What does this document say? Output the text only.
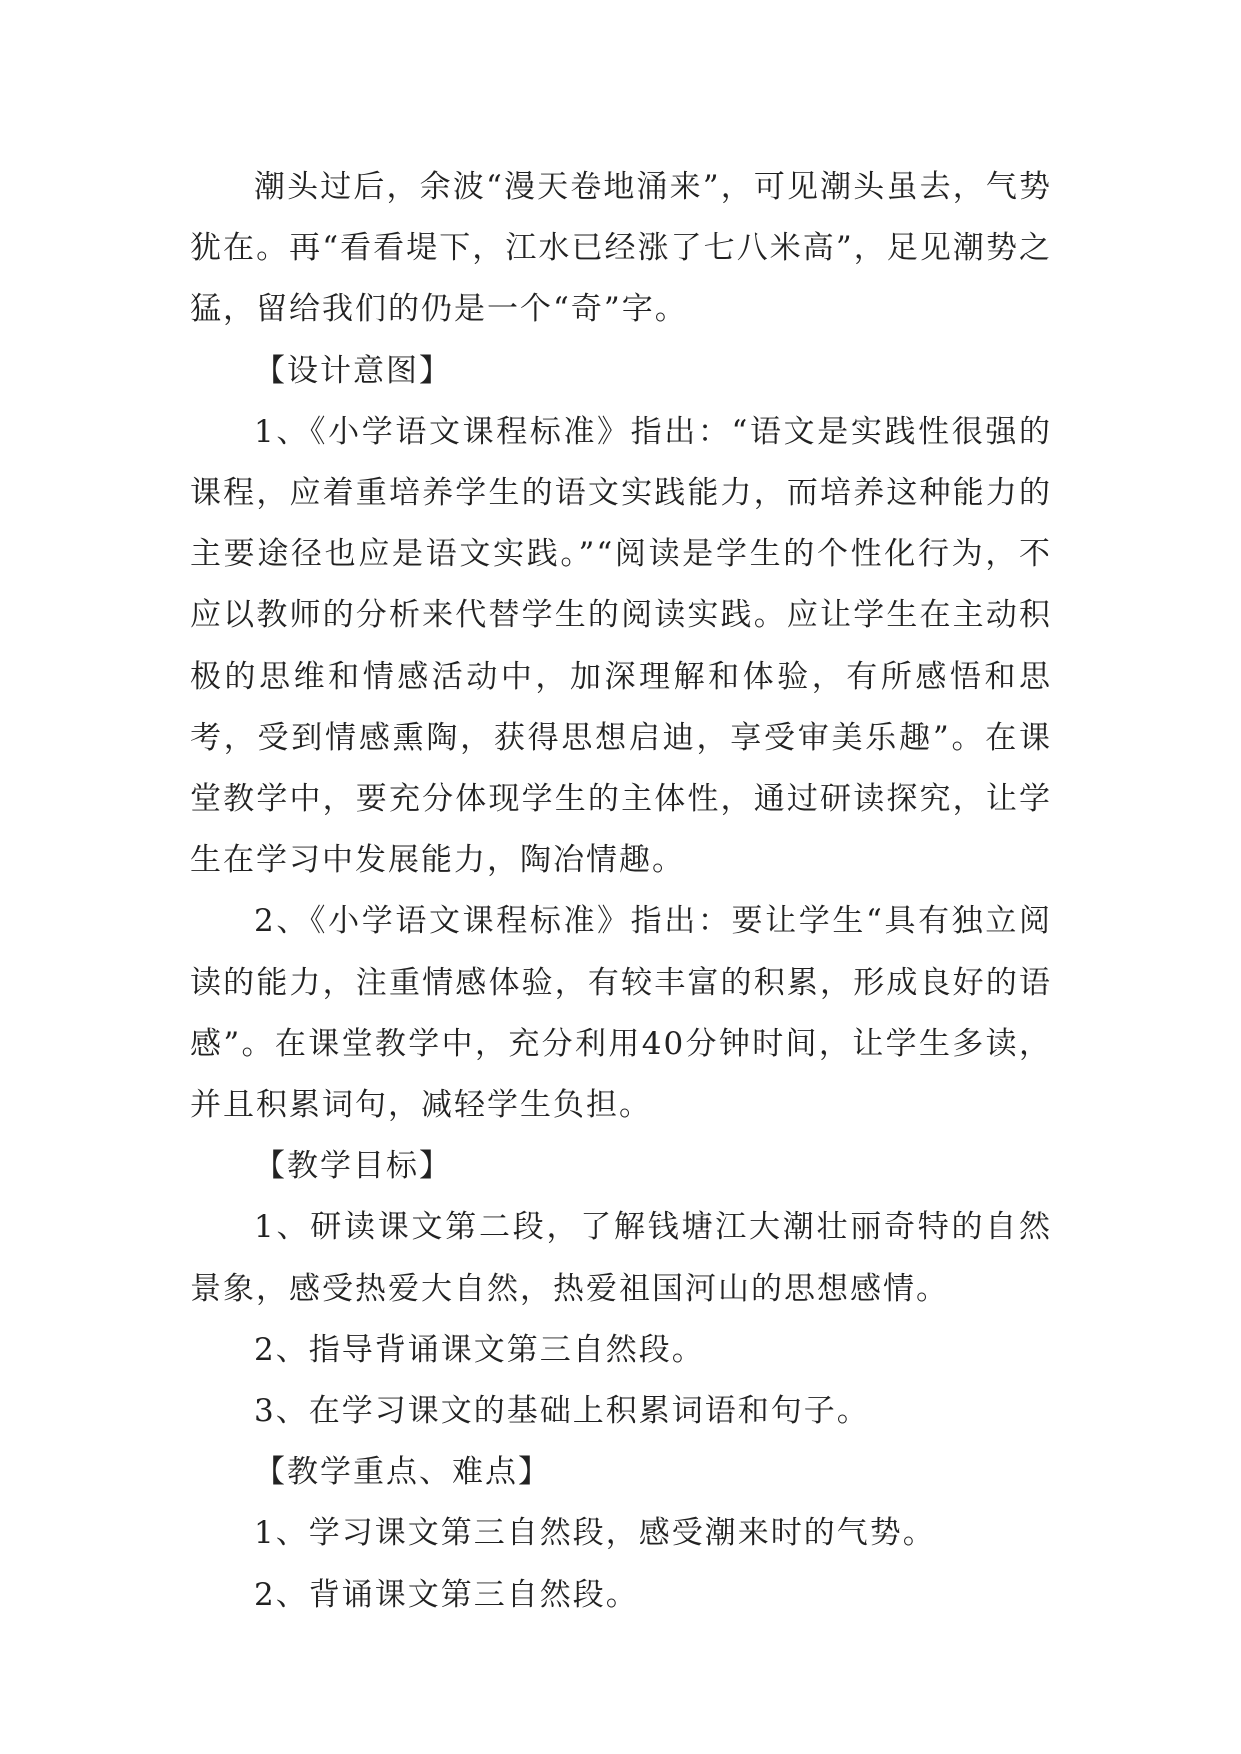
潮头过后，余波“漫天卷地涌来”，可见潮头虽去，气势犹在。再“看看堤下，江水已经涨了七八米高”，足见潮势之猛，留给我们的仍是一个“奇”字。

【设计意图】

1、《小学语文课程标准》指出：“语文是实践性很强的课程，应着重培养学生的语文实践能力，而培养这种能力的主要途径也应是语文实践。”“阅读是学生的个性化行为，不应以教师的分析来代替学生的阅读实践。应让学生在主动积极的思维和情感活动中，加深理解和体验，有所感悟和思考，受到情感熏陶，获得思想启迪，享受审美乐趣”。在课堂教学中，要充分体现学生的主体性，通过研读探究，让学生在学习中发展能力，陶冶情趣。

2、《小学语文课程标准》指出：要让学生“具有独立阅读的能力，注重情感体验，有较丰富的积累，形成良好的语感”。在课堂教学中，充分利用40分钟时间，让学生多读，并且积累词句，减轻学生负担。

【教学目标】

1、研读课文第二段，了解钱塘江大潮壮丽奇特的自然景象，感受热爱大自然，热爱祖国河山的思想感情。

2、指导背诵课文第三自然段。

3、在学习课文的基础上积累词语和句子。

【教学重点、难点】

1、学习课文第三自然段，感受潮来时的气势。

2、背诵课文第三自然段。
